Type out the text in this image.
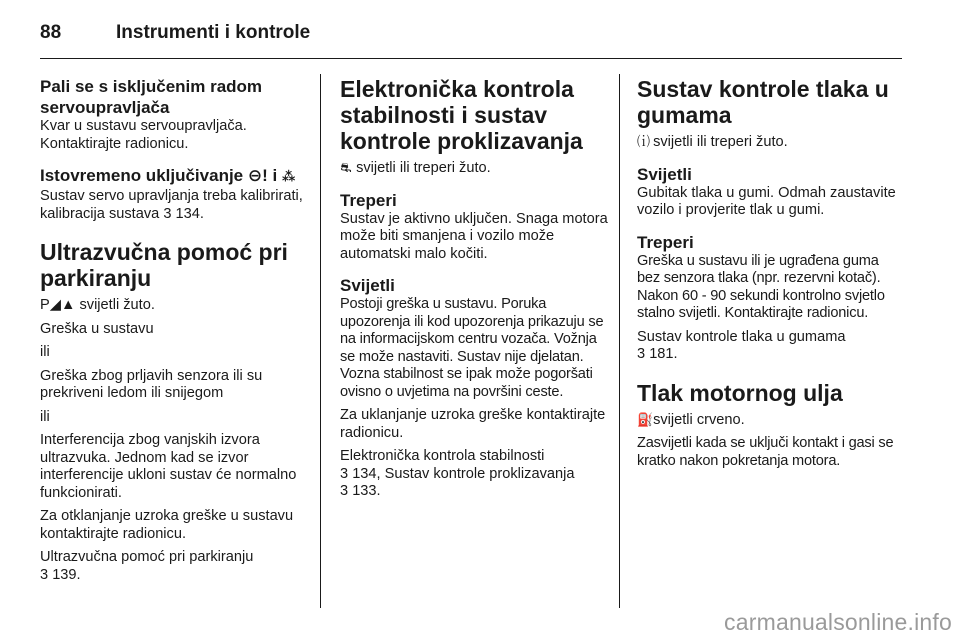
88	Instrumenti i kontrole

Pali se s isključenim radom servoupravljača

Kvar u sustavu servoupravljača. Kontaktirajte radionicu.

Istovremeno uključivanje ⊖! i ⁂

Sustav servo upravljanja treba kalibrirati, kalibracija sustava 3 134.

Ultrazvučna pomoć pri parkiranju

P◢▲ svijetli žuto.

Greška u sustavu

ili

Greška zbog prljavih senzora ili su prekriveni ledom ili snijegom

ili

Interferencija zbog vanjskih izvora ultrazvuka. Jednom kad se izvor interferencije ukloni sustav će normalno funkcionirati.

Za otklanjanje uzroka greške u sustavu kontaktirajte radionicu.

Ultrazvučna pomoć pri parkiranju
3 139.

Elektronička kontrola stabilnosti i sustav kontrole proklizavanja

⛐ svijetli ili treperi žuto.

Treperi

Sustav je aktivno uključen. Snaga motora može biti smanjena i vozilo može automatski malo kočiti.

Svijetli

Postoji greška u sustavu. Poruka upozorenja ili kod upozorenja prikazuju se na informacijskom centru vozača. Vožnja se može nastaviti. Sustav nije djelatan. Vozna stabilnost se ipak može pogoršati ovisno o uvjetima na površini ceste.

Za uklanjanje uzroka greške kontaktirajte radionicu.

Elektronička kontrola stabilnosti
3 134, Sustav kontrole proklizavanja
3 133.

Sustav kontrole tlaka u gumama

⒤ svijetli ili treperi žuto.

Svijetli

Gubitak tlaka u gumi. Odmah zaustavite vozilo i provjerite tlak u gumi.

Treperi

Greška u sustavu ili je ugrađena guma bez senzora tlaka (npr. rezervni kotač). Nakon 60 - 90 sekundi kontrolno svjetlo stalno svijetli. Kontaktirajte radionicu.

Sustav kontrole tlaka u gumama
3 181.

Tlak motornog ulja

⛽ svijetli crveno.

Zasvijetli kada se uključi kontakt i gasi se kratko nakon pokretanja motora.

carmanualsonline.info
